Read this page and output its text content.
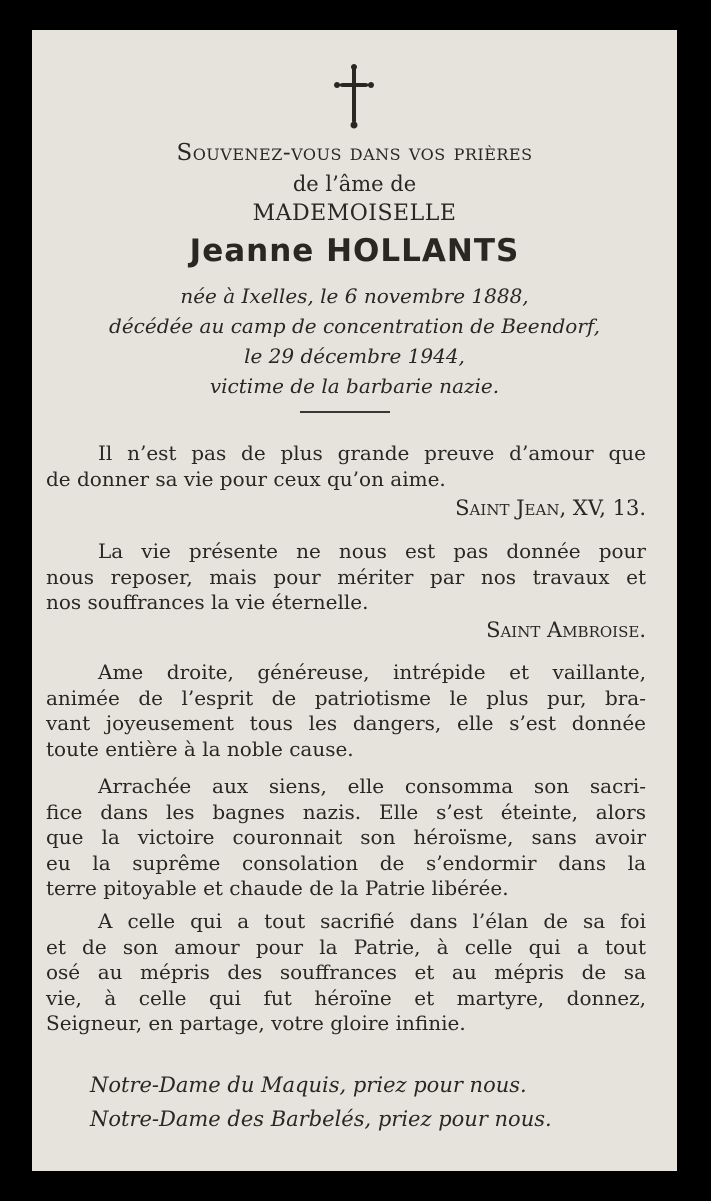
Souvenez-vous dans vos prières
de l’âme de
MADEMOISELLE
Jeanne HOLLANTS
née à Ixelles, le 6 novembre 1888,
décédée au camp de concentration de Beendorf,
le 29 décembre 1944,
victime de la barbarie nazie.
Il n’est pas de plus grande preuve d’amour que
de donner sa vie pour ceux qu’on aime.
Saint Jean, XV, 13.
La vie présente ne nous est pas donnée pour
nous reposer, mais pour mériter par nos travaux et
nos souffrances la vie éternelle.
Saint Ambroise.
Ame droite, généreuse, intrépide et vaillante,
animée de l’esprit de patriotisme le plus pur, bra-
vant joyeusement tous les dangers, elle s’est donnée
toute entière à la noble cause.
Arrachée aux siens, elle consomma son sacri-
fice dans les bagnes nazis. Elle s’est éteinte, alors
que la victoire couronnait son héroïsme, sans avoir
eu la suprême consolation de s’endormir dans la
terre pitoyable et chaude de la Patrie libérée.
A celle qui a tout sacrifié dans l’élan de sa foi
et de son amour pour la Patrie, à celle qui a tout
osé au mépris des souffrances et au mépris de sa
vie, à celle qui fut héroïne et martyre, donnez,
Seigneur, en partage, votre gloire infinie.
Notre-Dame du Maquis, priez pour nous.
Notre-Dame des Barbelés, priez pour nous.
